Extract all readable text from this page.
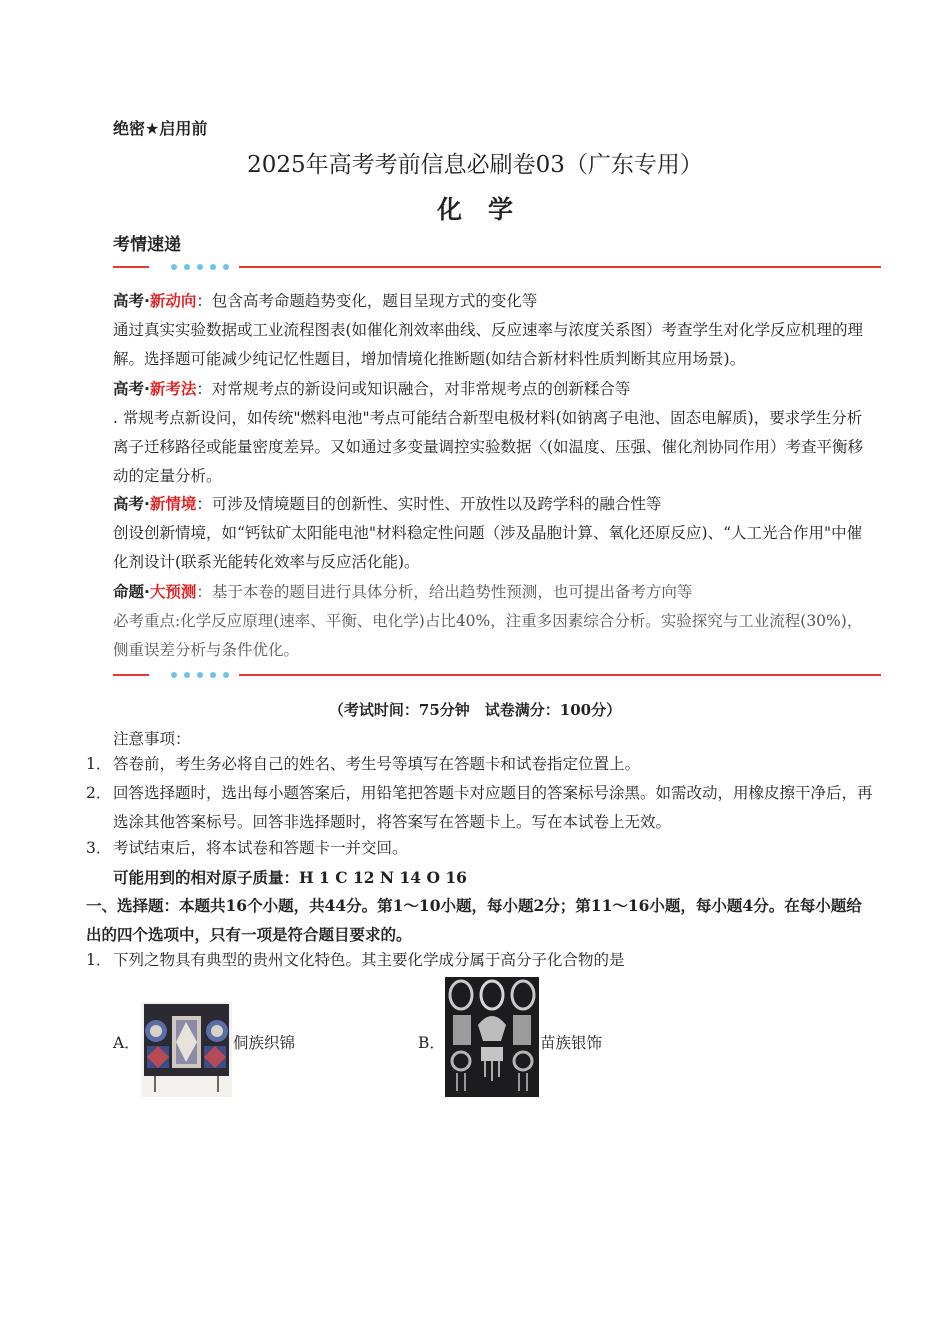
绝密★启用前
2025年高考考前信息必刷卷03（广东专用）
化学
考情速递
高考·新动向：包含高考命题趋势变化，题目呈现方式的变化等
通过真实实验数据或工业流程图表(如催化剂效率曲线、反应速率与浓度关系图）考查学生对化学反应机理的理解。选择题可能减少纯记忆性题目，增加情境化推断题(如结合新材料性质判断其应用场景)。
高考·新考法：对常规考点的新设问或知识融合，对非常规考点的创新糅合等
. 常规考点新设问，如传统"燃料电池"考点可能结合新型电极材料(如钠离子电池、固态电解质)，要求学生分析离子迁移路径或能量密度差异。又如通过多变量调控实验数据〈(如温度、压强、催化剂协同作用）考查平衡移动的定量分析。
高考·新情境：可涉及情境题目的创新性、实时性、开放性以及跨学科的融合性等
创设创新情境，如“钙钛矿太阳能电池"材料稳定性问题（涉及晶胞计算、氧化还原反应)、“人工光合作用"中催化剂设计(联系光能转化效率与反应活化能)。
命题·大预测：基于本卷的题目进行具体分析，给出趋势性预测，也可提出备考方向等
必考重点:化学反应原理(速率、平衡、电化学)占比40%，注重多因素综合分析。实验探究与工业流程(30%)，侧重误差分析与条件优化。
（考试时间：75分钟　试卷满分：100分）
注意事项：
1． 答卷前，考生务必将自己的姓名、考生号等填写在答题卡和试卷指定位置上。
2． 回答选择题时，选出每小题答案后，用铅笔把答题卡对应题目的答案标号涂黑。如需改动，用橡皮擦干净后，再选涂其他答案标号。回答非选择题时，将答案写在答题卡上。写在本试卷上无效。
3． 考试结束后，将本试卷和答题卡一并交回。
可能用到的相对原子质量：H 1 C 12 N 14 O 16
一、选择题：本题共16个小题，共44分。第1～10小题，每小题2分；第11～16小题，每小题4分。在每小题给出的四个选项中，只有一项是符合题目要求的。
1． 下列之物具有典型的贵州文化特色。其主要化学成分属于高分子化合物的是
A．	侗族织锦	B．	苗族银饰
